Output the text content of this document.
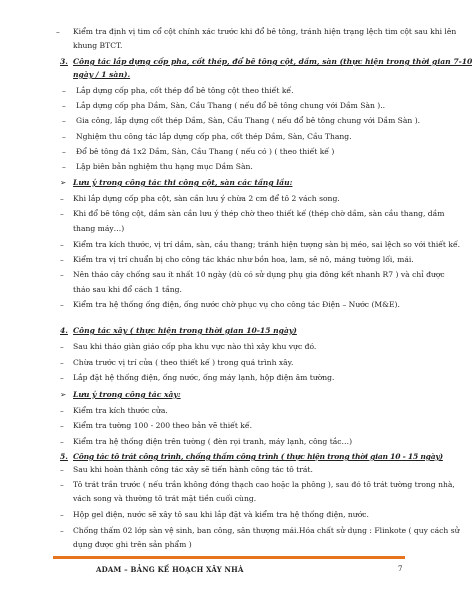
– Kiểm tra định vị tim cổ cột chính xác trước khi đổ bê tông, tránh hiện trạng lệch tim cột sau khi lên
khung BTCT.
3. Công tác lắp dựng cốp pha, cốt thép, đổ bê tông cột, dầm, sàn (thực hiện trong thời gian 7-10
ngày / 1 sàn).
– Lắp dựng cốp pha, cốt thép đổ bê tông cột theo thiết kế.
– Lắp dựng cốp pha Dầm, Sàn, Cầu Thang ( nếu đổ bê tông chung với Dầm Sàn )..
– Gia công, lắp dựng cốt thép Dầm, Sàn, Cầu Thang ( nếu đổ bê tông chung với Dầm Sàn ).
– Nghiệm thu công tác lắp dựng cốp pha, cốt thép Dầm, Sàn, Cầu Thang.
– Đổ bê tông đá 1x2 Dầm, Sàn, Cầu Thang ( nếu có ) ( theo thiết kế )
– Lập biên bản nghiệm thu hạng mục Dầm Sàn.
➢ Lưu ý trong công tác thi công cột, sàn các tầng lầu:
– Khi lắp dựng cốp pha cột, sàn cần lưu ý chừa 2 cm để tô 2 vách song.
– Khi đổ bê tông cột, dầm sàn cần lưu ý thép chờ theo thiết kế (thép chờ dầm, sàn cầu thang, dầm
thang máy…)
– Kiểm tra kích thước, vị trí dầm, sàn, cầu thang; tránh hiện tượng sàn bị méo, sai lệch so với thiết kế.
– Kiểm tra vị trí chuẩn bị cho công tác khác như bồn hoa, lam, sê nô, máng tường lối, mái.
– Nên tháo cây chống sau ít nhất 10 ngày (dù có sử dụng phụ gia đông kết nhanh R7 ) và chỉ được
tháo sau khi đổ cách 1 tầng.
– Kiểm tra hệ thống ống điện, ống nước chờ phục vụ cho công tác Điện – Nước (M&E).
4. Công tác xây ( thực hiện trong thời gian 10-15 ngày)
– Sau khi tháo giàn giáo cốp pha khu vực nào thì xây khu vực đó.
– Chừa trước vị trí cửa ( theo thiết kế ) trong quá trình xây.
– Lắp đặt hệ thống điện, ống nước, ống máy lạnh, hộp điện âm tường.
➢ Lưu ý trong công tác xây:
– Kiểm tra kích thước cửa.
– Kiểm tra tường 100 - 200 theo bản vẽ thiết kế.
– Kiểm tra hệ thống điện trên tường ( đèn rọi tranh, máy lạnh, công tắc…)
5. Công tác tô trát công trình, chống thấm công trình ( thực hiện trong thời gian 10 - 15 ngày)
– Sau khi hoàn thành công tác xây sẽ tiến hành công tác tô trát.
– Tô trát trần trước ( nếu trần không đóng thạch cao hoặc la phông ), sau đó tô trát tường trong nhà,
vách song và thường tô trát mặt tiền cuối cùng.
– Hộp gel điện, nước sẽ xây tô sau khi lắp đặt và kiểm tra hệ thống điện, nước.
– Chống thấm 02 lớp sàn vệ sinh, ban công, sân thượng mái.Hóa chất sử dụng : Flinkote ( quy cách sử
dụng được ghi trên sản phẩm )
ADAM – BẢNG KẾ HOẠCH XÂY NHÀ	7
